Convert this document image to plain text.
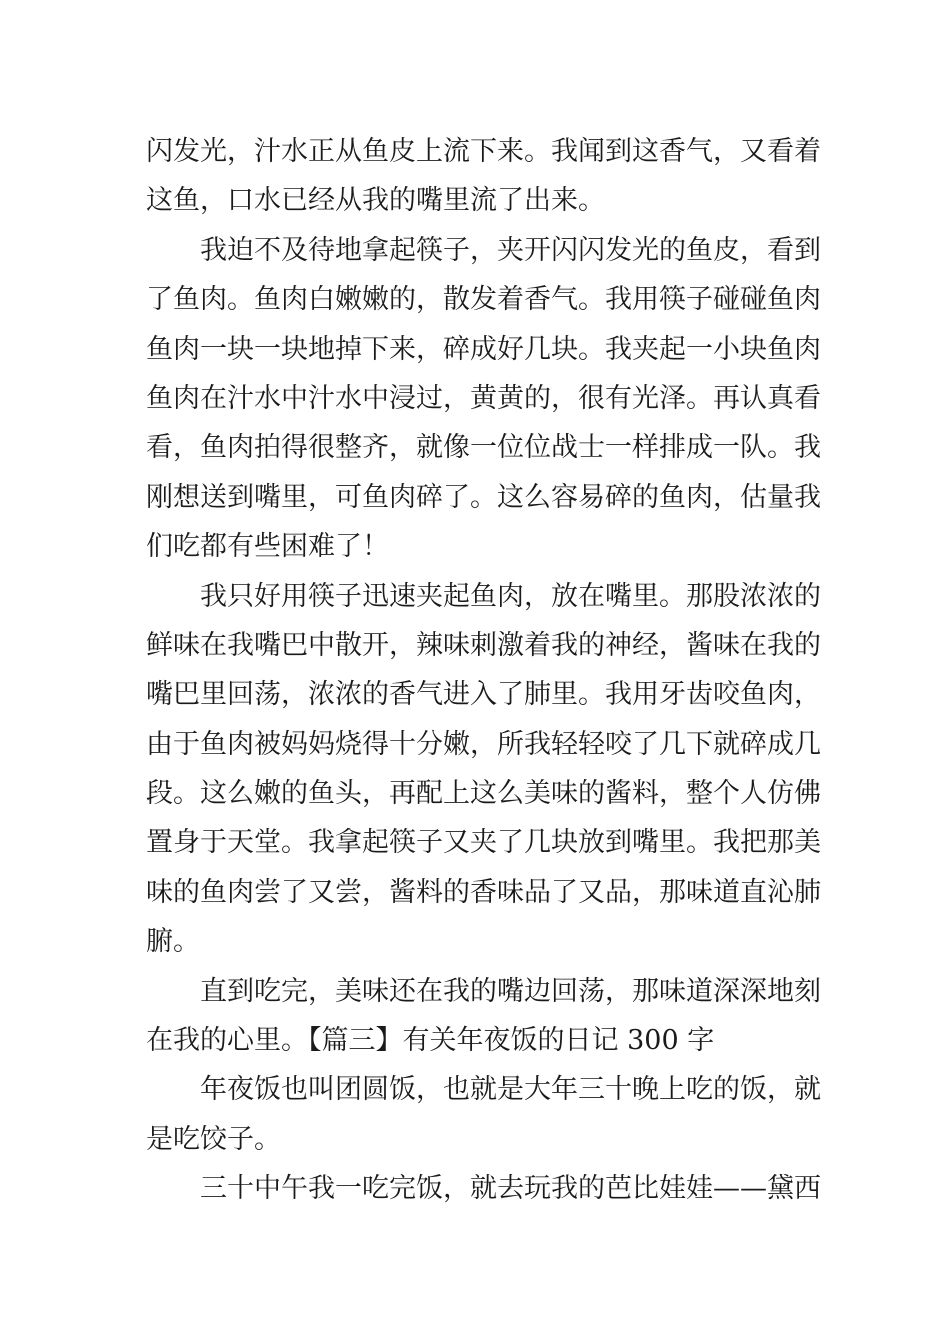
闪发光，汁水正从鱼皮上流下来。我闻到这香气，又看着
这鱼，口水已经从我的嘴里流了出来。
我迫不及待地拿起筷子，夹开闪闪发光的鱼皮，看到
了鱼肉。鱼肉白嫩嫩的，散发着香气。我用筷子碰碰鱼肉
鱼肉一块一块地掉下来，碎成好几块。我夹起一小块鱼肉
鱼肉在汁水中汁水中浸过，黄黄的，很有光泽。再认真看
看，鱼肉拍得很整齐，就像一位位战士一样排成一队。我
刚想送到嘴里，可鱼肉碎了。这么容易碎的鱼肉，估量我
们吃都有些困难了！
我只好用筷子迅速夹起鱼肉，放在嘴里。那股浓浓的
鲜味在我嘴巴中散开，辣味刺激着我的神经，酱味在我的
嘴巴里回荡，浓浓的香气进入了肺里。我用牙齿咬鱼肉，
由于鱼肉被妈妈烧得十分嫩，所我轻轻咬了几下就碎成几
段。这么嫩的鱼头，再配上这么美味的酱料，整个人仿佛
置身于天堂。我拿起筷子又夹了几块放到嘴里。我把那美
味的鱼肉尝了又尝，酱料的香味品了又品，那味道直沁肺
腑。
直到吃完，美味还在我的嘴边回荡，那味道深深地刻
在我的心里。【篇三】有关年夜饭的日记 300 字
年夜饭也叫团圆饭，也就是大年三十晚上吃的饭，就
是吃饺子。
三十中午我一吃完饭，就去玩我的芭比娃娃——黛西
